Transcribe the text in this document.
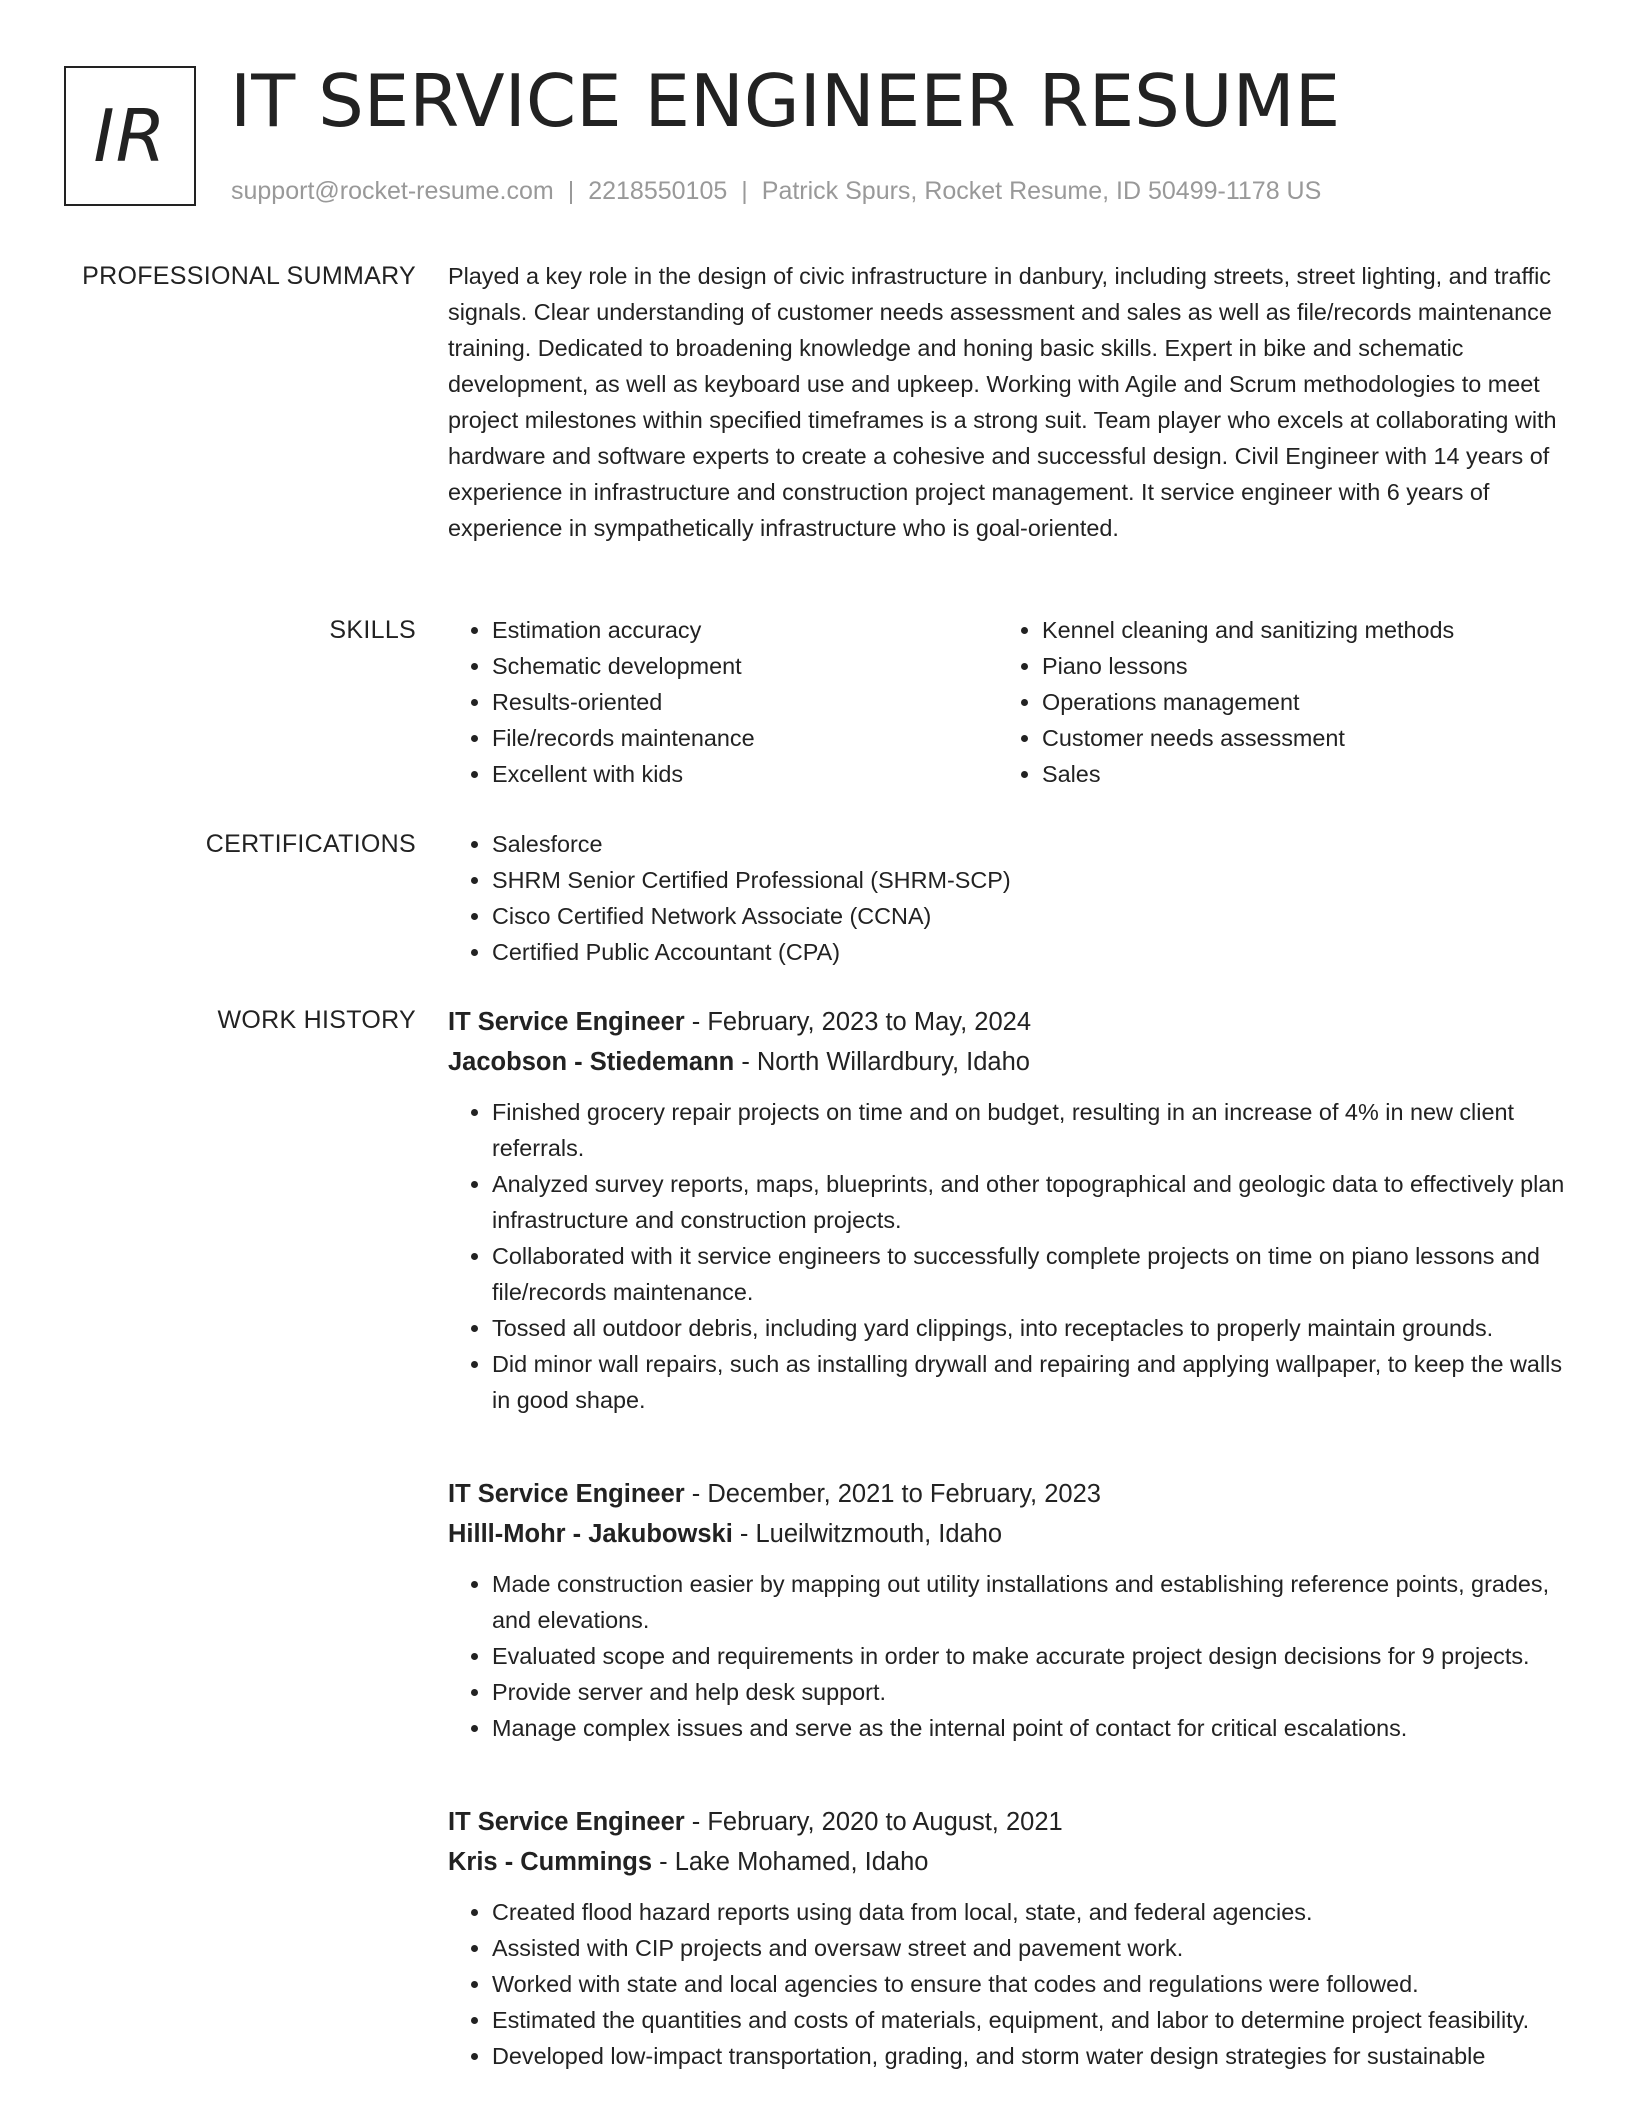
IR IT SERVICE ENGINEER RESUME
support@rocket-resume.com | 2218550105 | Patrick Spurs, Rocket Resume, ID 50499-1178 US
PROFESSIONAL SUMMARY Played a key role in the design of civic infrastructure in danbury, including streets, street lighting, and traffic signals. Clear understanding of customer needs assessment and sales as well as file/records maintenance training. Dedicated to broadening knowledge and honing basic skills. Expert in bike and schematic development, as well as keyboard use and upkeep. Working with Agile and Scrum methodologies to meet project milestones within specified timeframes is a strong suit. Team player who excels at collaborating with hardware and software experts to create a cohesive and successful design. Civil Engineer with 14 years of experience in infrastructure and construction project management. It service engineer with 6 years of experience in sympathetically infrastructure who is goal-oriented.

SKILLS	• Estimation accuracy
• Schematic development
• Results-oriented
• File/records maintenance
• Excellent with kids
• Kennel cleaning and sanitizing methods
• Piano lessons
• Operations management
• Customer needs assessment
• Sales
CERTIFICATIONS	• Salesforce
• SHRM Senior Certified Professional (SHRM-SCP)
• Cisco Certified Network Associate (CCNA)
• Certified Public Accountant (CPA)
WORK HISTORY IT Service Engineer - February, 2023 to May, 2024
Jacobson - Stiedemann - North Willardbury, Idaho
• Finished grocery repair projects on time and on budget, resulting in an increase of 4% in new client referrals.
• Analyzed survey reports, maps, blueprints, and other topographical and geologic data to effectively plan infrastructure and construction projects.
• Collaborated with it service engineers to successfully complete projects on time on piano lessons and file/records maintenance.
• Tossed all outdoor debris, including yard clippings, into receptacles to properly maintain grounds.
• Did minor wall repairs, such as installing drywall and repairing and applying wallpaper, to keep the walls in good shape.
IT Service Engineer - December, 2021 to February, 2023
Hilll-Mohr - Jakubowski - Lueilwitzmouth, Idaho
• Made construction easier by mapping out utility installations and establishing reference points, grades, and elevations.
• Evaluated scope and requirements in order to make accurate project design decisions for 9 projects.
• Provide server and help desk support.
• Manage complex issues and serve as the internal point of contact for critical escalations.
IT Service Engineer - February, 2020 to August, 2021
Kris - Cummings - Lake Mohamed, Idaho
• Created flood hazard reports using data from local, state, and federal agencies.
• Assisted with CIP projects and oversaw street and pavement work.
• Worked with state and local agencies to ensure that codes and regulations were followed.
• Estimated the quantities and costs of materials, equipment, and labor to determine project feasibility.
• Developed low-impact transportation, grading, and storm water design strategies for sustainable
